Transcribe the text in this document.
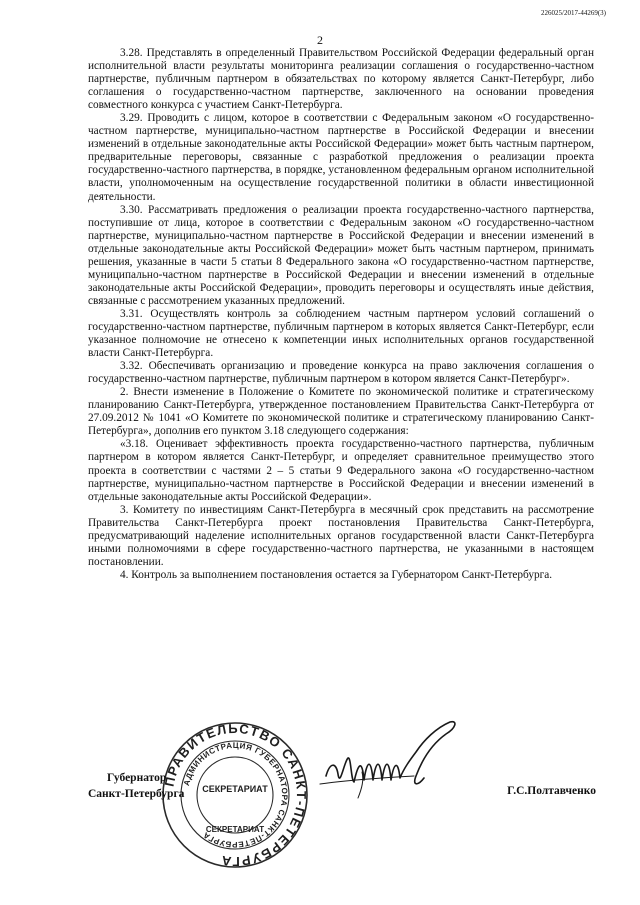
226025/2017-44269(3)
2

3.28. Представлять в определенный Правительством Российской Федерации федеральный орган исполнительной власти результаты мониторинга реализации соглашения о государственно-частном партнерстве, публичным партнером в обязательствах по которому является Санкт-Петербург, либо соглашения о государственно-частном партнерстве, заключенного на основании проведения совместного конкурса с участием Санкт-Петербурга.

3.29. Проводить с лицом, которое в соответствии с Федеральным законом «О государственно-частном партнерстве, муниципально-частном партнерстве в Российской Федерации и внесении изменений в отдельные законодательные акты Российской Федерации» может быть частным партнером, предварительные переговоры, связанные с разработкой предложения о реализации проекта государственно-частного партнерства, в порядке, установленном федеральным органом исполнительной власти, уполномоченным на осуществление государственной политики в области инвестиционной деятельности.

3.30. Рассматривать предложения о реализации проекта государственно-частного партнерства, поступившие от лица, которое в соответствии с Федеральным законом «О государственно-частном партнерстве, муниципально-частном партнерстве в Российской Федерации и внесении изменений в отдельные законодательные акты Российской Федерации» может быть частным партнером, принимать решения, указанные в части 5 статьи 8 Федерального закона «О государственно-частном партнерстве, муниципально-частном партнерстве в Российской Федерации и внесении изменений в отдельные законодательные акты Российской Федерации», проводить переговоры и осуществлять иные действия, связанные с рассмотрением указанных предложений.

3.31. Осуществлять контроль за соблюдением частным партнером условий соглашений о государственно-частном партнерстве, публичным партнером в которых является Санкт-Петербург, если указанное полномочие не отнесено к компетенции иных исполнительных органов государственной власти Санкт-Петербурга.

3.32. Обеспечивать организацию и проведение конкурса на право заключения соглашения о государственно-частном партнерстве, публичным партнером в котором является Санкт-Петербург».

2. Внести изменение в Положение о Комитете по экономической политике и стратегическому планированию Санкт-Петербурга, утвержденное постановлением Правительства Санкт-Петербурга от 27.09.2012 № 1041 «О Комитете по экономической политике и стратегическому планированию Санкт-Петербурга», дополнив его пунктом 3.18 следующего содержания:

«3.18. Оценивает эффективность проекта государственно-частного партнерства, публичным партнером в котором является Санкт-Петербург, и определяет сравнительное преимущество этого проекта в соответствии с частями 2 – 5 статьи 9 Федерального закона «О государственно-частном партнерстве, муниципально-частном партнерстве в Российской Федерации и внесении изменений в отдельные законодательные акты Российской Федерации».

3. Комитету по инвестициям Санкт-Петербурга в месячный срок представить на рассмотрение Правительства Санкт-Петербурга проект постановления Правительства Санкт-Петербурга, предусматривающий наделение исполнительных органов государственной власти Санкт-Петербурга иными полномочиями в сфере государственно-частного партнерства, не указанными в настоящем постановлении.

4. Контроль за выполнением постановления остается за Губернатором Санкт-Петербурга.

ПРАВИТЕЛЬСТВО САНКТ-ПЕТЕРБУРГА
АДМИНИСТРАЦИЯ ГУБЕРНАТОРА САНКТ-ПЕТЕРБУРГА
СЕКРЕТАРИАТ
СЕКРЕТАРИАТ
Губернатор
Санкт-Петербурга	Г.С.Полтавченко
